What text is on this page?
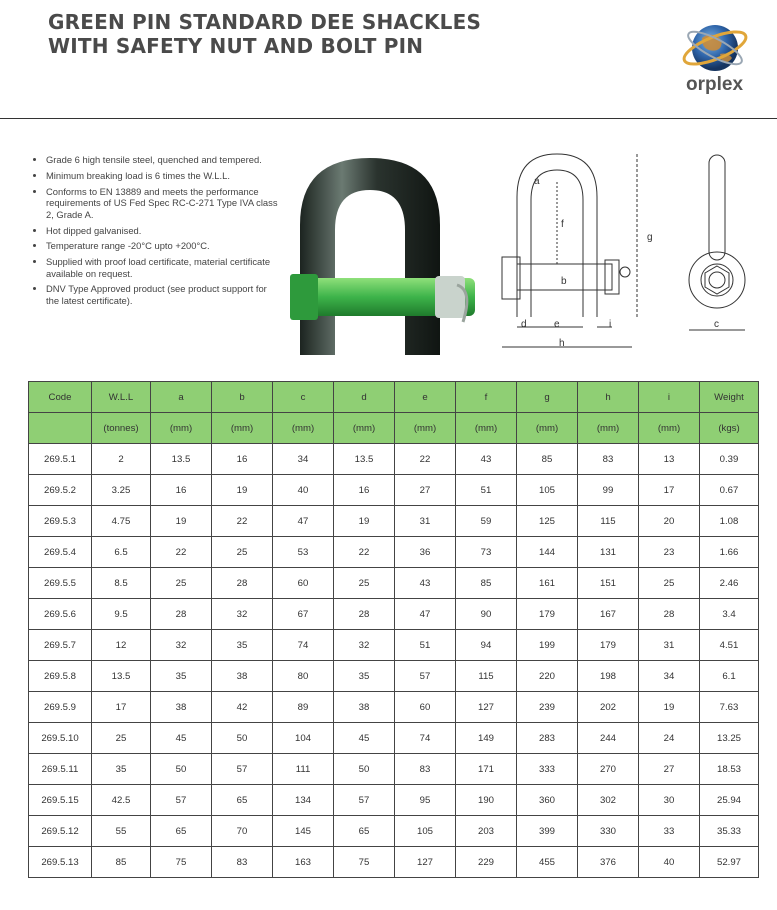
GREEN PIN STANDARD DEE SHACKLES
WITH SAFETY NUT AND BOLT PIN
orplex
• Grade 6 high tensile steel, quenched and tempered.
• Minimum breaking load is 6 times the W.L.L.
• Conforms to EN 13889 and meets the performance requirements of US Fed Spec RC-C-271 Type IVA class 2, Grade A.
• Hot dipped galvanised.
• Temperature range -20°C upto +200°C.
• Supplied with proof load certificate, material certificate available on request.
• DNV Type Approved product (see product support for the latest certificate).
a
f
b
g
d	e	i
h
c
Code	W.L.L	a	b	c	d	e	f	g	h	i	Weight
	(tonnes)	(mm)	(mm)	(mm)	(mm)	(mm)	(mm)	(mm)	(mm)	(mm)	(kgs)
269.5.1	2	13.5	16	34	13.5	22	43	85	83	13	0.39
269.5.2	3.25	16	19	40	16	27	51	105	99	17	0.67
269.5.3	4.75	19	22	47	19	31	59	125	115	20	1.08
269.5.4	6.5	22	25	53	22	36	73	144	131	23	1.66
269.5.5	8.5	25	28	60	25	43	85	161	151	25	2.46
269.5.6	9.5	28	32	67	28	47	90	179	167	28	3.4
269.5.7	12	32	35	74	32	51	94	199	179	31	4.51
269.5.8	13.5	35	38	80	35	57	115	220	198	34	6.1
269.5.9	17	38	42	89	38	60	127	239	202	19	7.63
269.5.10	25	45	50	104	45	74	149	283	244	24	13.25
269.5.11	35	50	57	111	50	83	171	333	270	27	18.53
269.5.15	42.5	57	65	134	57	95	190	360	302	30	25.94
269.5.12	55	65	70	145	65	105	203	399	330	33	35.33
269.5.13	85	75	83	163	75	127	229	455	376	40	52.97
